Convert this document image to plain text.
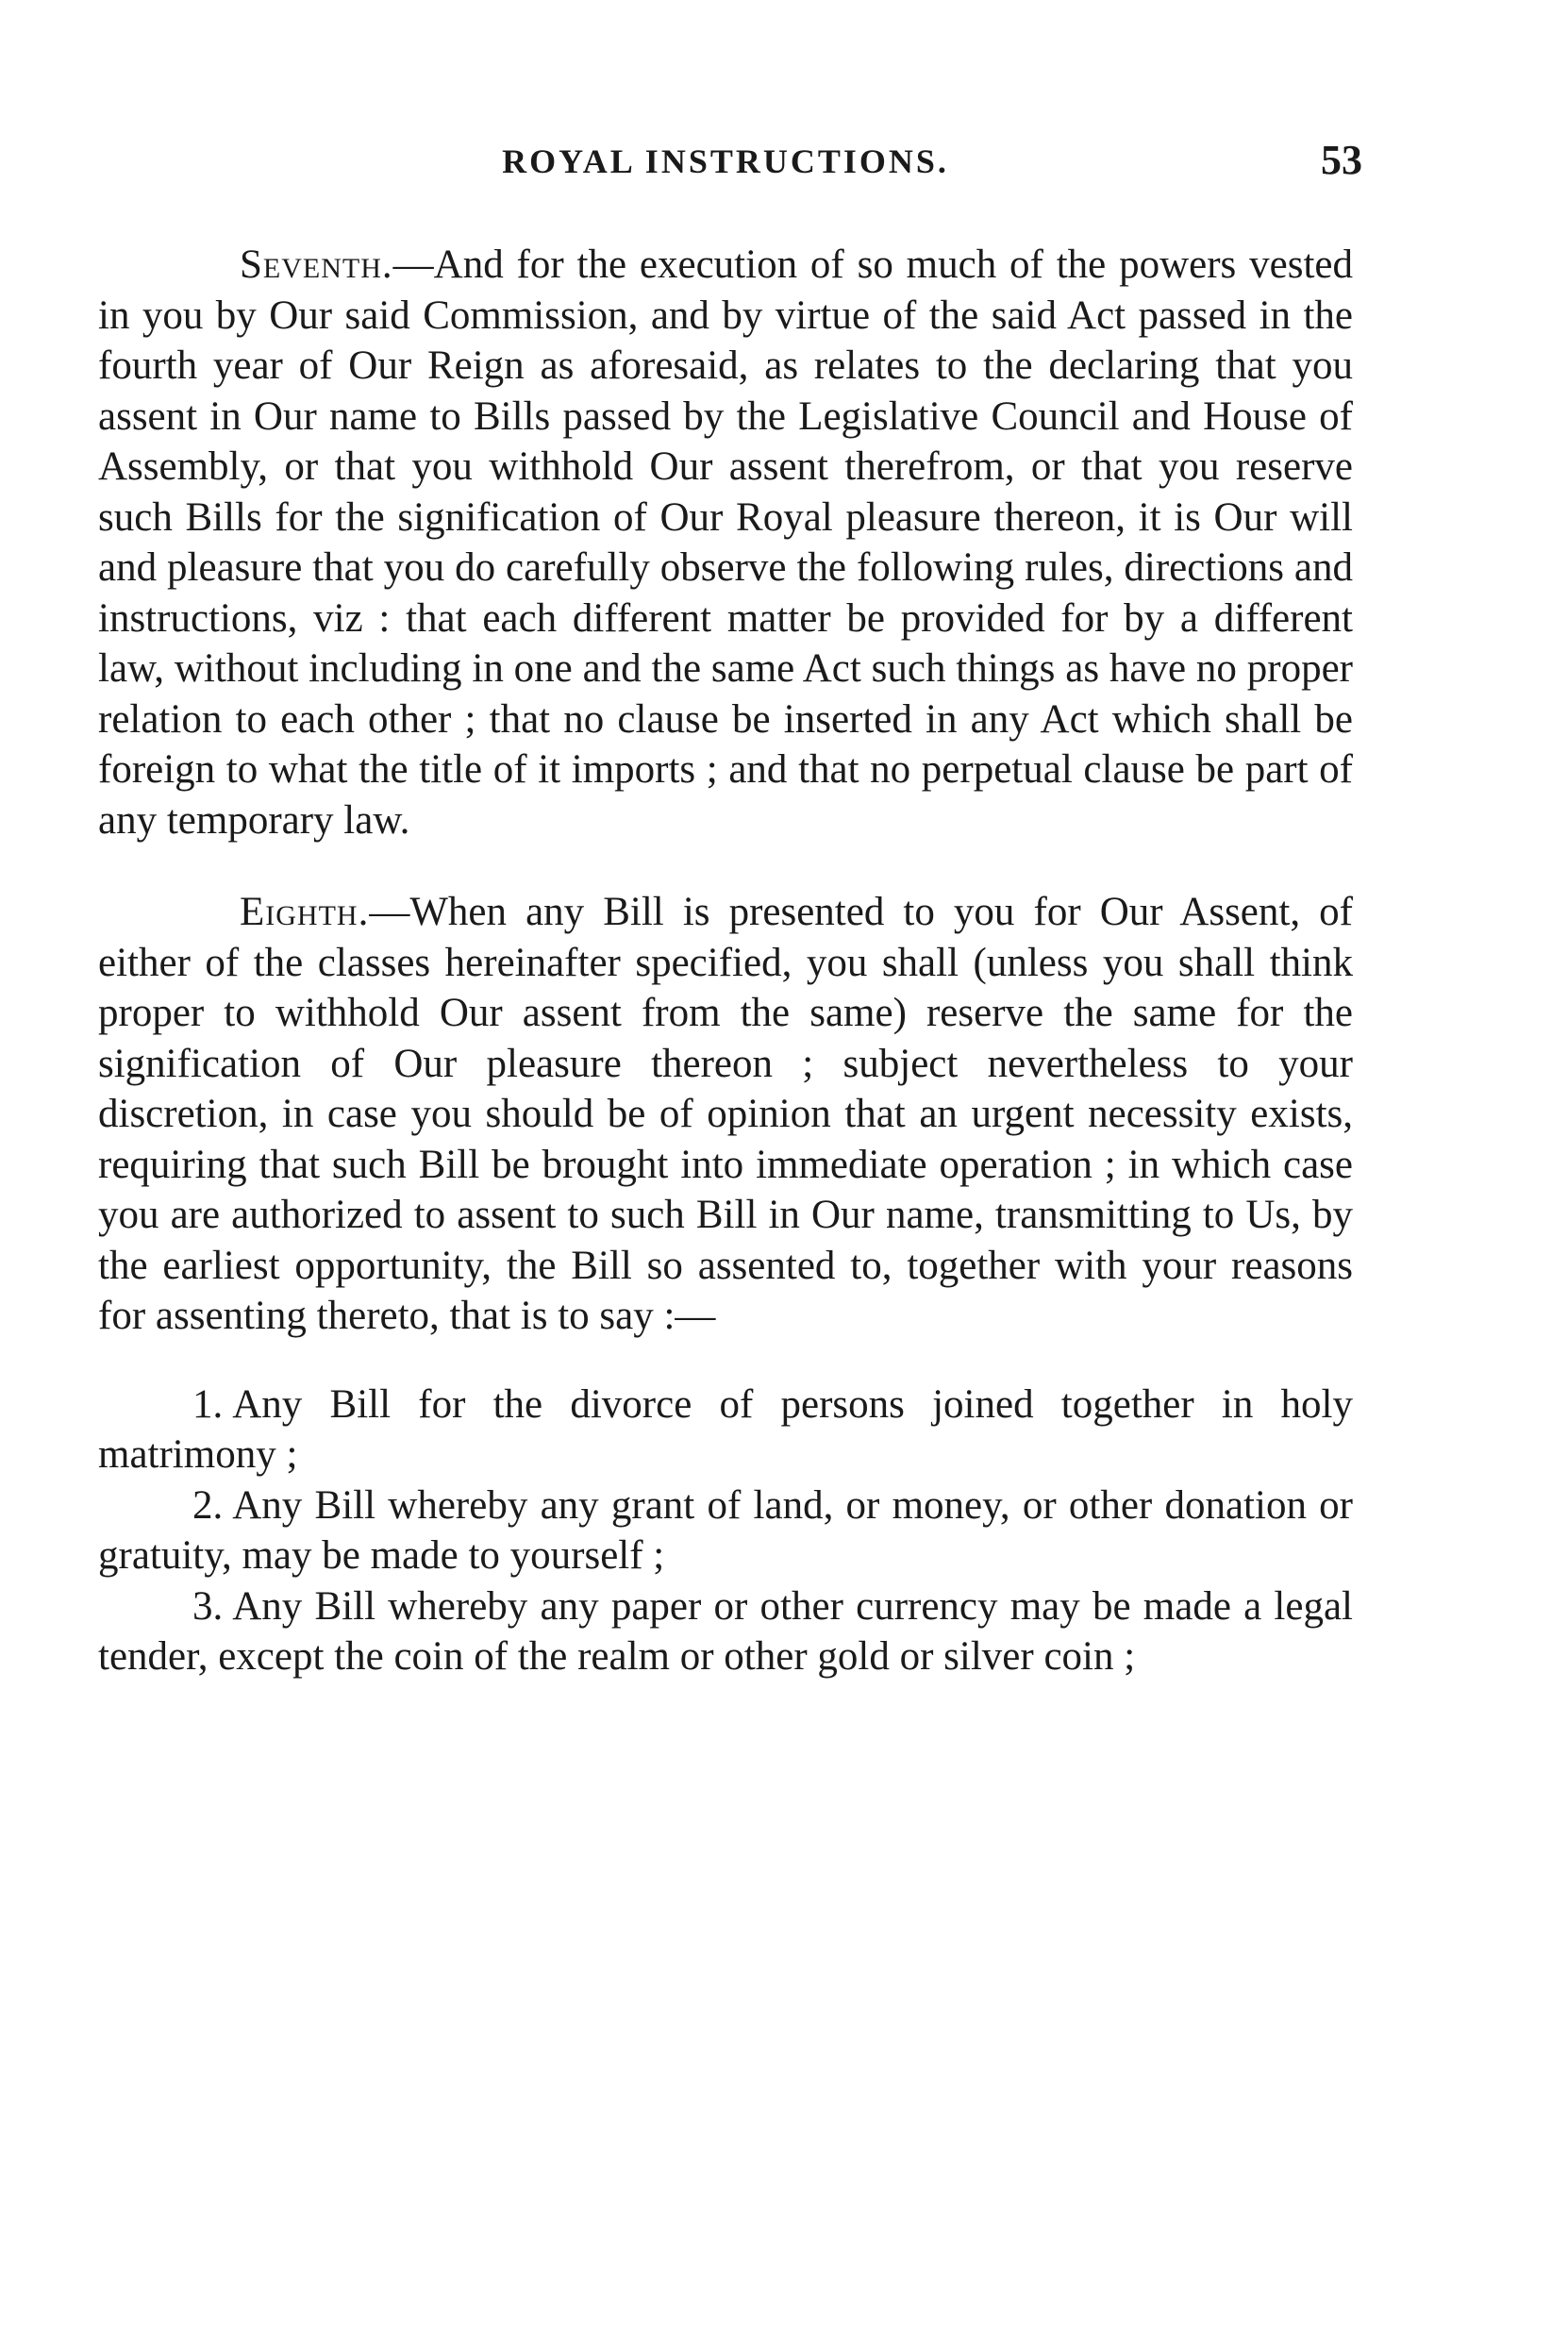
ROYAL INSTRUCTIONS.	53

Seventh.—And for the execution of so much of the powers vested in you by Our said Commission, and by virtue of the said Act passed in the fourth year of Our Reign as aforesaid, as relates to the declaring that you assent in Our name to Bills passed by the Legislative Council and House of Assembly, or that you withhold Our assent therefrom, or that you reserve such Bills for the signification of Our Royal pleasure thereon, it is Our will and pleasure that you do carefully observe the following rules, directions and instructions, viz : that each different matter be provided for by a different law, without including in one and the same Act such things as have no proper relation to each other ; that no clause be inserted in any Act which shall be foreign to what the title of it imports ; and that no perpetual clause be part of any temporary law.

Eighth.—When any Bill is presented to you for Our Assent, of either of the classes hereinafter specified, you shall (unless you shall think proper to withhold Our assent from the same) reserve the same for the signification of Our pleasure thereon ; subject nevertheless to your discretion, in case you should be of opinion that an urgent necessity exists, requiring that such Bill be brought into immediate operation ; in which case you are authorized to assent to such Bill in Our name, transmitting to Us, by the earliest opportunity, the Bill so assented to, together with your reasons for assenting thereto, that is to say :—

1. Any Bill for the divorce of persons joined together in holy matrimony ;

2. Any Bill whereby any grant of land, or money, or other donation or gratuity, may be made to yourself ;

3. Any Bill whereby any paper or other currency may be made a legal tender, except the coin of the realm or other gold or silver coin ;
